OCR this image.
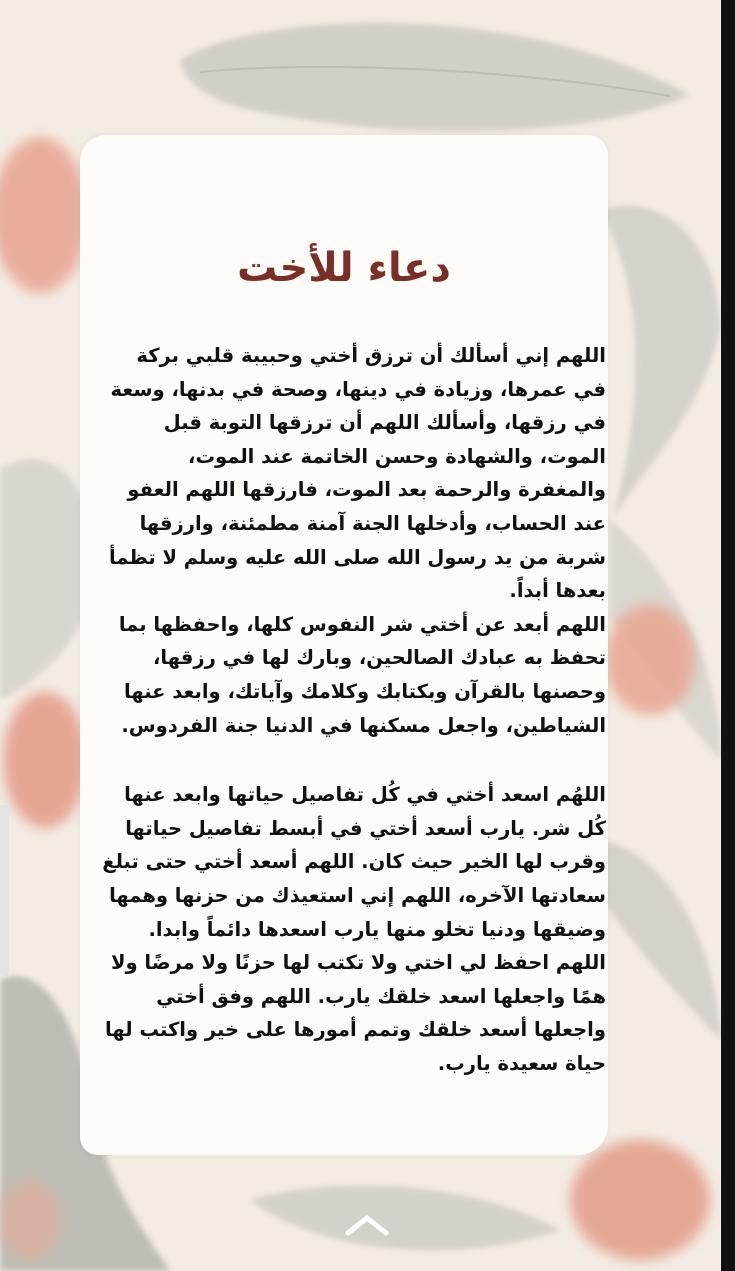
دعاء للأخت

اللهم إني أسألك أن ترزق أختي وحبيبة قلبي بركة في عمرها، وزيادة في دينها، وصحة في بدنها، وسعة في رزقها، وأسألك اللهم أن ترزقها التوبة قبل الموت، والشهادة وحسن الخاتمة عند الموت، والمغفرة والرحمة بعد الموت، فارزقها اللهم العفو عند الحساب، وأدخلها الجنة آمنة مطمئنة، وارزقها شربة من يد رسول الله صلى الله عليه وسلم لا تظمأ بعدها أبداً.

اللهم أبعد عن أختي شر النفوس كلها، واحفظها بما تحفظ به عبادك الصالحين، وبارك لها في رزقها، وحصنها بالقرآن وبكتابك وكلامك وآياتك، وابعد عنها الشياطين، واجعل مسكنها في الدنيا جنة الفردوس.

اللهُم اسعد أختي في كُل تفاصيل حياتها وابعد عنها كُل شر. يارب أسعد أختي في أبسط تفاصيل حياتها وقرب لها الخير حيث كان. اللهم أسعد أختي حتى تبلغ سعادتها الآخره، اللهم إني استعيذك من حزنها وهمها وضيقها ودنيا تخلو منها يارب اسعدها دائماً وابدا. اللهم احفظ لي اختي ولا تكتب لها حزنًا ولا مرضًا ولا همًا واجعلها اسعد خلقك يارب. اللهم وفق أختي واجعلها أسعد خلقك وتمم أمورها على خير واكتب لها حياة سعيدة يارب.
